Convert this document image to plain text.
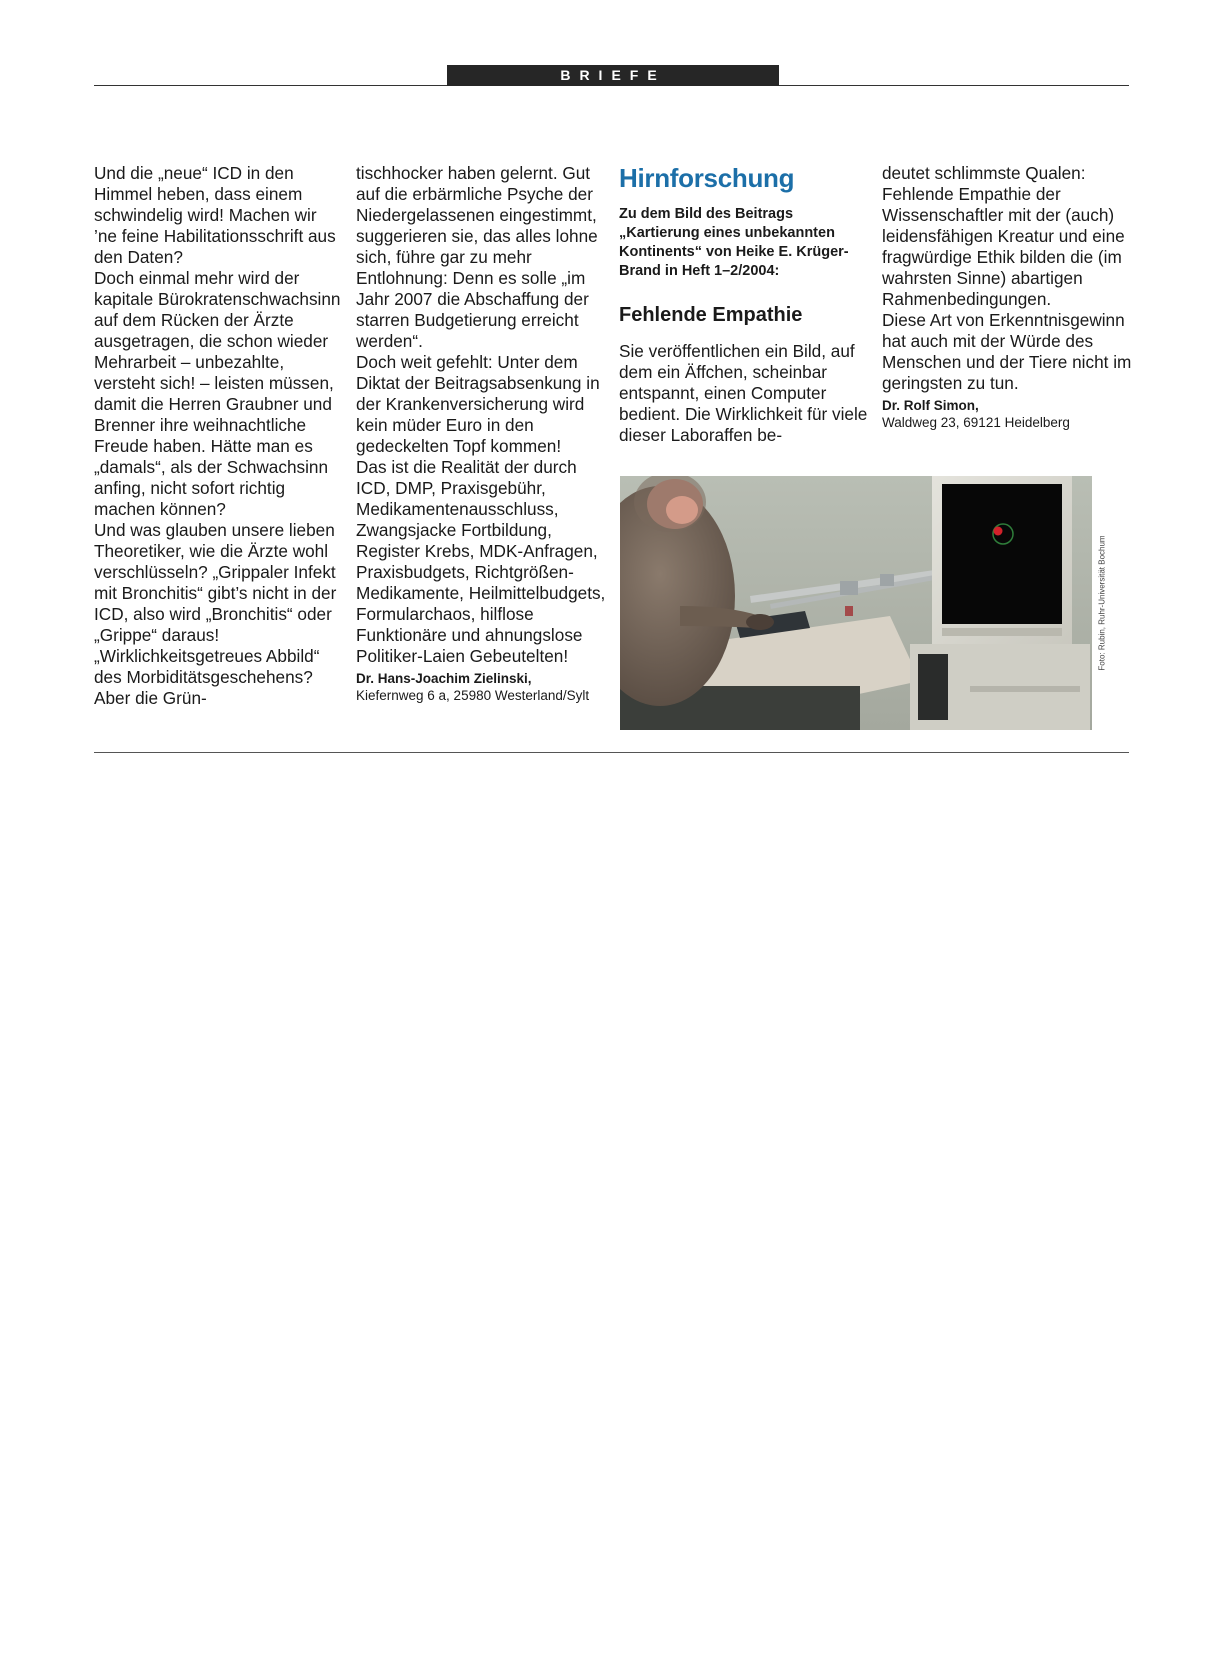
BRIEFE

Und die „neue“ ICD in den Himmel heben, dass einem schwindelig wird! Machen wir ’ne feine Habilitationsschrift aus den Daten?

Doch einmal mehr wird der kapitale Bürokratenschwachsinn auf dem Rücken der Ärzte ausgetragen, die schon wieder Mehrarbeit – unbezahlte, versteht sich! – leisten müssen, damit die Herren Graubner und Brenner ihre weihnachtliche Freude haben. Hätte man es „damals“, als der Schwachsinn anfing, nicht sofort richtig machen können?

Und was glauben unsere lieben Theoretiker, wie die Ärzte wohl verschlüsseln? „Grippaler Infekt mit Bronchitis“ gibt’s nicht in der ICD, also wird „Bronchitis“ oder „Grippe“ daraus! „Wirklichkeitsgetreues Abbild“ des Morbiditätsgeschehens? Aber die Grün-

tischhocker haben gelernt. Gut auf die erbärmliche Psyche der Niedergelassenen eingestimmt, suggerieren sie, das alles lohne sich, führe gar zu mehr Entlohnung: Denn es solle „im Jahr 2007 die Abschaffung der starren Budgetierung erreicht werden“.

Doch weit gefehlt: Unter dem Diktat der Beitragsabsenkung in der Krankenversicherung wird kein müder Euro in den gedeckelten Topf kommen!

Das ist die Realität der durch ICD, DMP, Praxisgebühr, Medikamentenausschluss, Zwangsjacke Fortbildung, Register Krebs, MDK-Anfragen, Praxisbudgets, Richtgrößen-Medikamente, Heilmittelbudgets, Formularchaos, hilflose Funktionäre und ahnungslose Politiker-Laien Gebeutelten!

Dr. Hans-Joachim Zielinski,
Kiefernweg 6 a, 25980 Westerland/Sylt
Hirnforschung
Zu dem Bild des Beitrags „Kartierung eines unbekannten Kontinents“ von Heike E. Krüger-Brand in Heft 1–2/2004:
Fehlende Empathie

Sie veröffentlichen ein Bild, auf dem ein Äffchen, scheinbar entspannt, einen Computer bedient. Die Wirklichkeit für viele dieser Laboraffen be-

deutet schlimmste Qualen: Fehlende Empathie der Wissenschaftler mit der (auch) leidensfähigen Kreatur und eine fragwürdige Ethik bilden die (im wahrsten Sinne) abartigen Rahmenbedingungen.

Diese Art von Erkenntnisgewinn hat auch mit der Würde des Menschen und der Tiere nicht im geringsten zu tun.

Dr. Rolf Simon,
Waldweg 23, 69121 Heidelberg
Foto: Rubin, Ruhr-Universität Bochum
